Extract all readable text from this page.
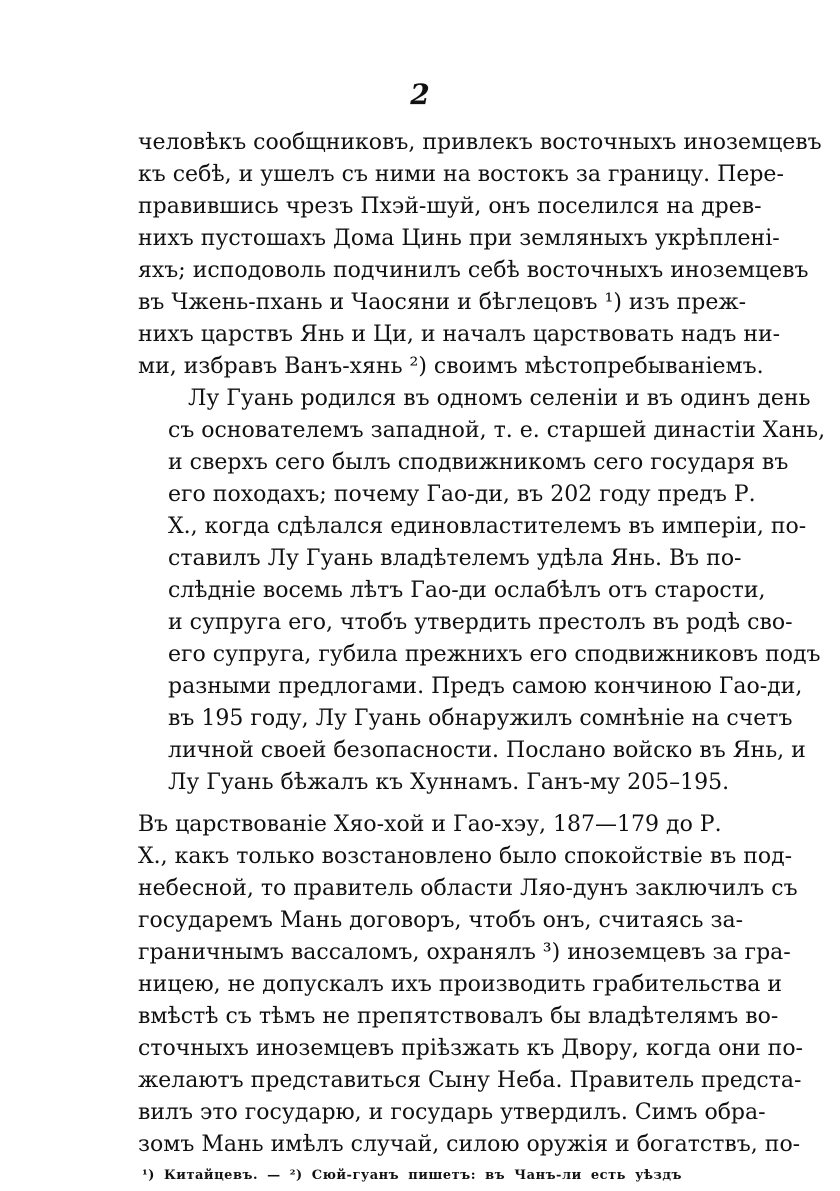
2
человѣкъ сообщниковъ, привлекъ восточныхъ иноземцевъ
къ себѣ, и ушелъ съ ними на востокъ за границу. Пере-
правившись чрезъ Пхэй-шуй, онъ поселился на древ-
нихъ пустошахъ Дома Цинь при земляныхъ укрѣпленi-
яхъ; исподоволь подчинилъ себѣ восточныхъ иноземцевъ
въ Чжень-пхань и Чаосяни и бѣглецовъ ¹) изъ преж-
нихъ царствъ Янь и Ци, и началъ царствовать надъ ни-
ми, избравъ Ванъ-хянь ²) своимъ мѣстопребыванiемъ.
Лу Гуань родился въ одномъ селенiи и въ одинъ день
съ основателемъ западной, т. е. старшей династiи Хань,
и сверхъ сего былъ сподвижникомъ сего государя въ
его походахъ; почему Гао-ди, въ 202 году предъ Р.
Х., когда сдѣлался единовластителемъ въ имперiи, по-
ставилъ Лу Гуань владѣтелемъ удѣла Янь. Въ по-
слѣднiе восемь лѣтъ Гао-ди ослабѣлъ отъ старости,
и супруга его, чтобъ утвердить престолъ въ родѣ сво-
его супруга, губила прежнихъ его сподвижниковъ подъ
разными предлогами. Предъ самою кончиною Гао-ди,
въ 195 году, Лу Гуань обнаружилъ сомнѣнiе на счетъ
личной своей безопасности. Послано войско въ Янь, и
Лу Гуань бѣжалъ къ Хуннамъ. Ганъ-му 205–195.
Въ царствованiе Хяо-хой и Гао-хэу, 187—179 до Р.
Х., какъ только возстановлено было спокойствiе въ под-
небесной, то правитель области Ляо-дунъ заключилъ съ
государемъ Мань договоръ, чтобъ онъ, считаясь за-
граничнымъ вассаломъ, охранялъ ³) иноземцевъ за гра-
ницею, не допускалъ ихъ производить грабительства и
вмѣстѣ съ тѣмъ не препятствовалъ бы владѣтелямъ во-
сточныхъ иноземцевъ прiѣзжать къ Двору, когда они по-
желаютъ представиться Сыну Неба. Правитель предста-
вилъ это государю, и государь утвердилъ. Симъ обра-
зомъ Мань имѣлъ случай, силою оружiя и богатствъ, по-
¹) Китайцевъ. — ²) Сюй-гуанъ пишетъ: въ Чанъ-ли есть уѣздъ
